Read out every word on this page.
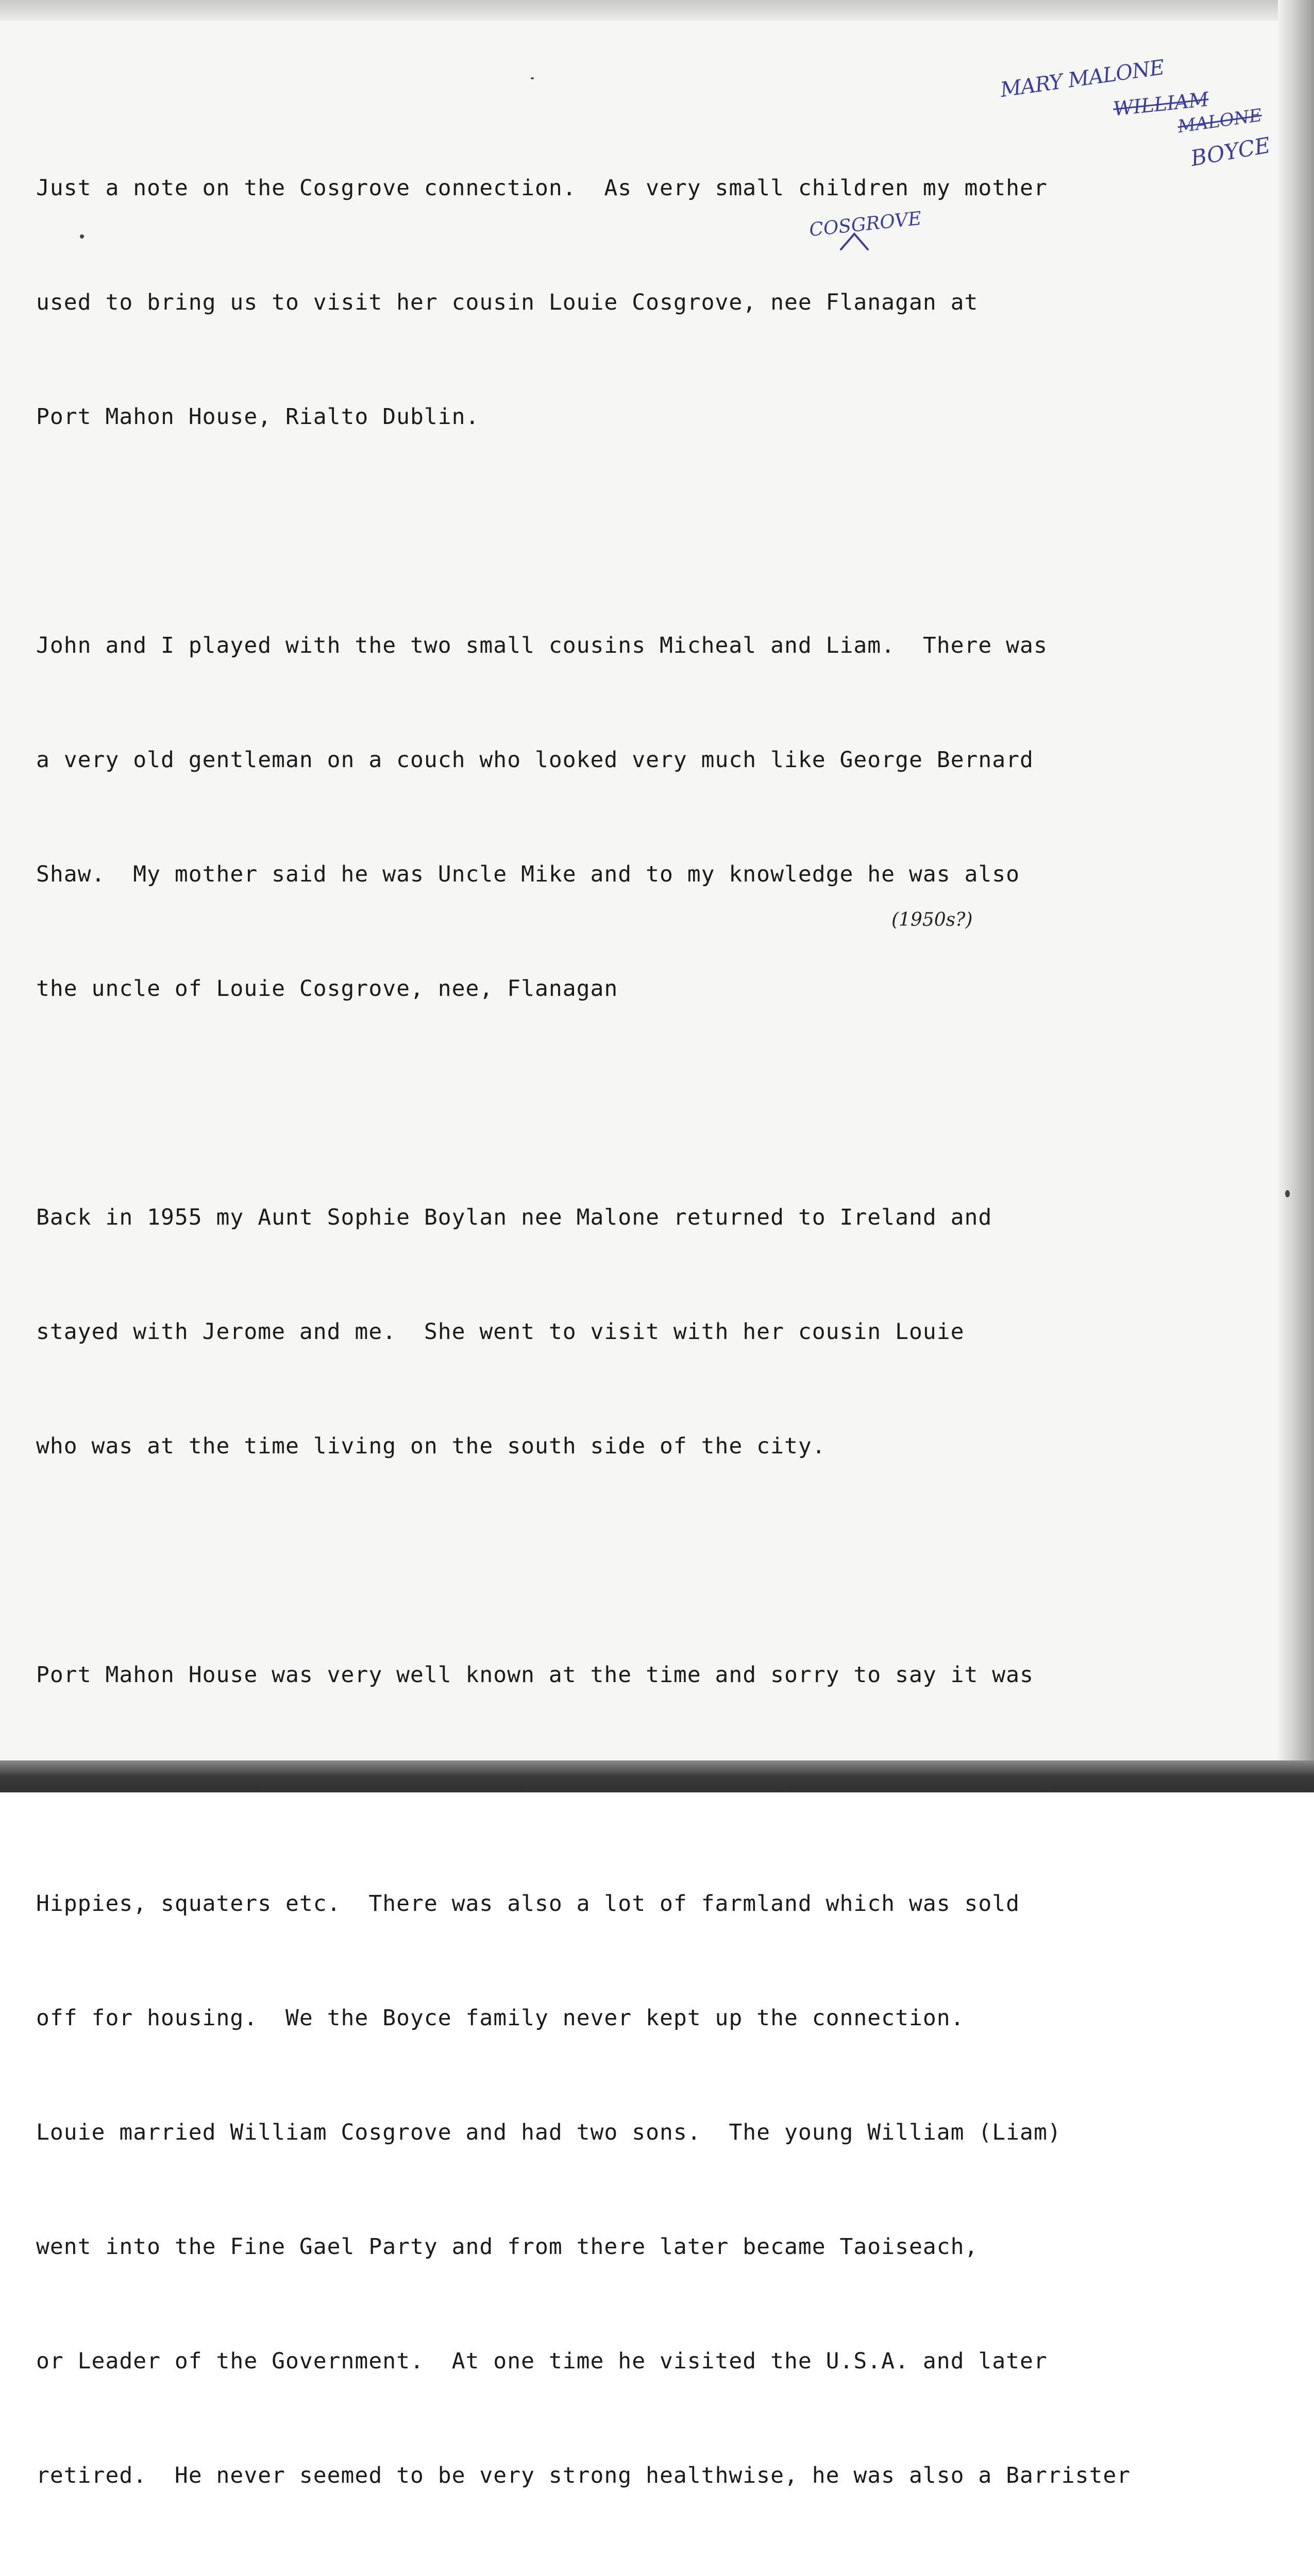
MARY MALONE
WILLIAM
MALONE
BOYCE
COSGROVE
(1950s?)

Just a note on the Cosgrove connection.  As very small children my mother

used to bring us to visit her cousin Louie Cosgrove, nee Flanagan at

Port Mahon House, Rialto Dublin.

John and I played with the two small cousins Micheal and Liam.  There was

a very old gentleman on a couch who looked very much like George Bernard

Shaw.  My mother said he was Uncle Mike and to my knowledge he was also

the uncle of Louie Cosgrove, nee, Flanagan

Back in 1955 my Aunt Sophie Boylan nee Malone returned to Ireland and

stayed with Jerome and me.  She went to visit with her cousin Louie

who was at the time living on the south side of the city.

Port Mahon House was very well known at the time and sorry to say it was

Hippies, squaters etc.  There was also a lot of farmland which was sold

off for housing.  We the Boyce family never kept up the connection.

Louie married William Cosgrove and had two sons.  The young William (Liam)

went into the Fine Gael Party and from there later became Taoiseach,

or Leader of the Government.  At one time he visited the U.S.A. and later

retired.  He never seemed to be very strong healthwise, he was also a Barrister
